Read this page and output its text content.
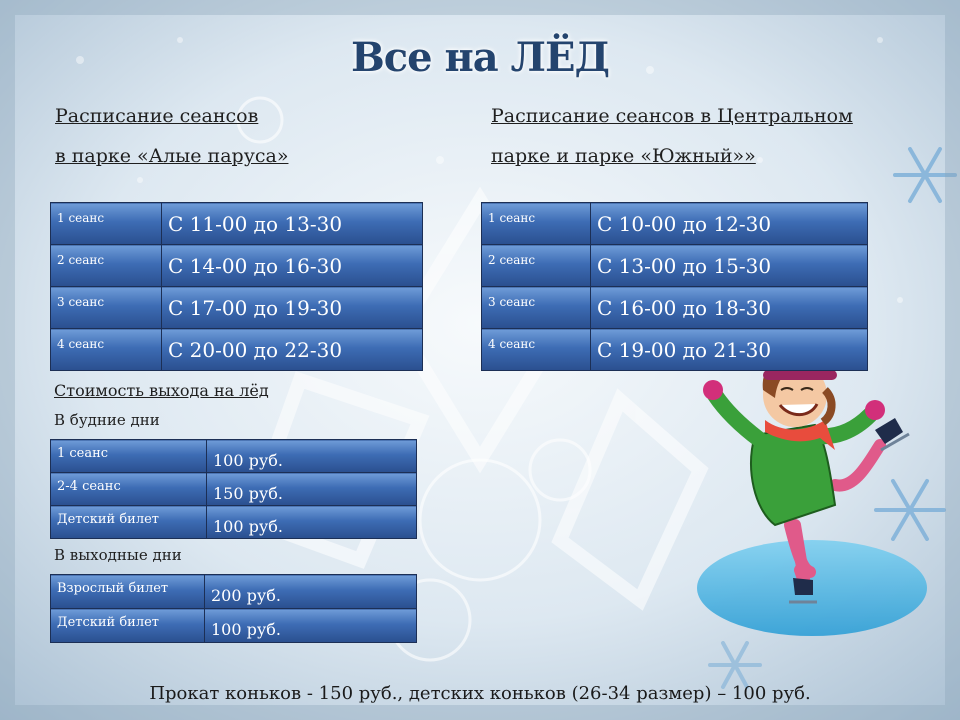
Все на ЛЁД
Расписание сеансов
в парке «Алые паруса»
Расписание сеансов в Центральном
парке и парке «Южный»»
1 сеанс	С 11-00 до 13-30
2 сеанс	С 14-00 до 16-30
3 сеанс	С 17-00 до 19-30
4 сеанс	С 20-00 до 22-30
1 сеанс	С 10-00 до 12-30
2 сеанс	С 13-00 до 15-30
3 сеанс	С 16-00 до 18-30
4 сеанс	С 19-00 до 21-30
Стоимость выхода на лёд
В будние дни
1 сеанс	100 руб.
2-4 сеанс	150 руб.
Детский билет	100 руб.
В выходные дни
Взрослый билет	200 руб.
Детский билет	100 руб.
Прокат коньков - 150 руб., детских коньков (26-34 размер) – 100 руб.
